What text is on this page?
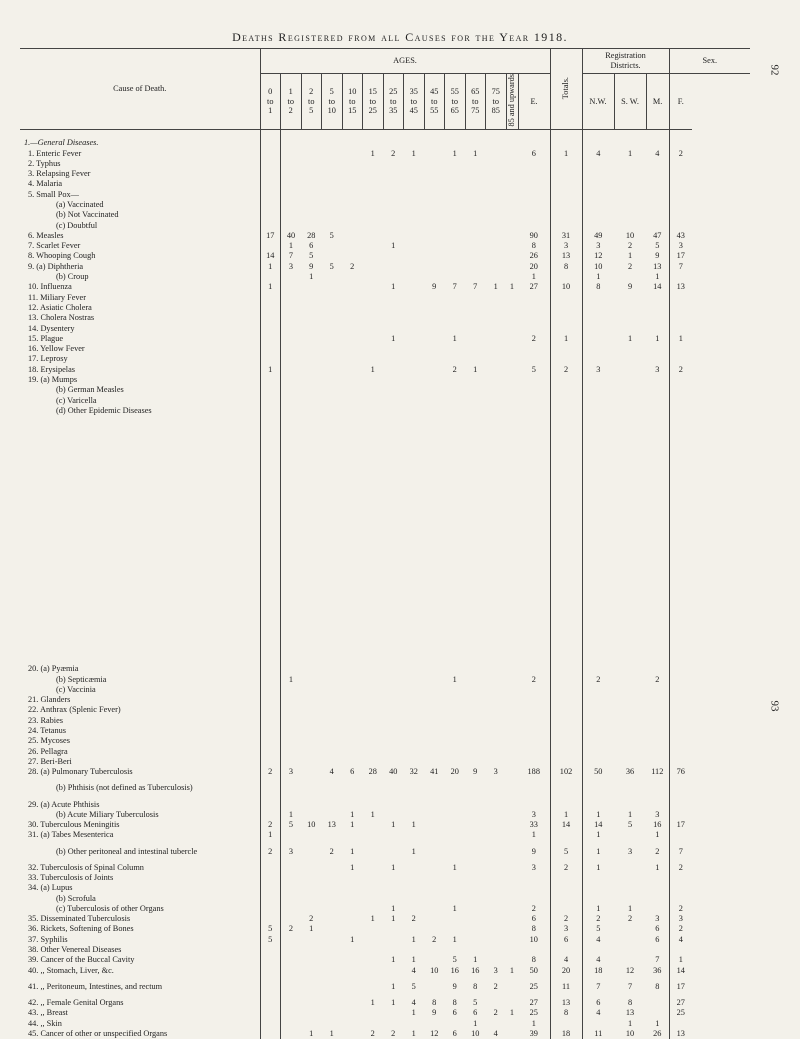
Deaths Registered from all Causes for the Year 1918.
92
93
Cause of Death.	AGES.														Totals.	Registration
Districts.			Sex.
	0
to
1	1
to
2	2
to
5	5
to
10	10
to
15	15
to
25	25
to
35	35
to
45	45
to
55	55
to
65	65
to
75	75
to
85	85 and upwards	E.		N.W.	S. W.	M.	F.

1.—General Diseases.																			
1. Enteric Fever						1	2	1		1	1			6	1	4	1	4	2
2. Typhus																			
3. Relapsing Fever																			
4. Malaria																			
5. Small Pox—																			
(a) Vaccinated																			
(b) Not Vaccinated																			
(c) Doubtful																			
6. Measles	17	40	28	5										90	31	49	10	47	43
7. Scarlet Fever		1	6				1							8	3	3	2	5	3
8. Whooping Cough	14	7	5											26	13	12	1	9	17
9. (a) Diphtheria	1	3	9	5	2									20	8	10	2	13	7
(b) Croup			1											1		1		1	
10. Influenza	1						1		9	7	7	1	1	27	10	8	9	14	13
11. Miliary Fever																			
12. Asiatic Cholera																			
13. Cholera Nostras																			
14. Dysentery																			
15. Plague							1			1				2	1		1	1	1
16. Yellow Fever																			
17. Leprosy																			
18. Erysipelas	1					1				2	1			5	2	3		3	2
19. (a) Mumps																			
(b) German Measles																			
(c) Varicella																			
(d) Other Epidemic Diseases																			

20. (a) Pyæmia																			
(b) Septicæmia		1								1				2		2		2	
(c) Vaccinia																			
21. Glanders																			
22. Anthrax (Splenic Fever)																			
23. Rabies																			
24. Tetanus																			
25. Mycoses																			
26. Pellagra																			
27. Beri-Beri																			
28. (a) Pulmonary Tuberculosis	2	3		4	6	28	40	32	41	20	9	3		188	102	50	36	112	76
(b) Phthisis (not defined as Tuberculosis)																			
29. (a) Acute Phthisis																			
(b) Acute Miliary Tuberculosis		1			1	1								3	1	1	1	3	
30. Tuberculous Meningitis	2	5	10	13	1		1	1						33	14	14	5	16	17
31. (a) Tabes Mesenterica	1													1		1		1	
(b) Other peritoneal and intestinal tubercle	2	3		2	1			1						9	5	1	3	2	7
32. Tuberculosis of Spinal Column					1		1			1				3	2	1		1	2
33. Tuberculosis of Joints																			
34. (a) Lupus																			
(b) Scrofula																			
(c) Tuberculosis of other Organs							1			1				2		1	1		2
35. Disseminated Tuberculosis			2			1	1	2						6	2	2	2	3	3
36. Rickets, Softening of Bones	5	2	1											8	3	5		6	2
37. Syphilis	5				1			1	2	1				10	6	4		6	4
38. Other Venereal Diseases																			
39. Cancer of the Buccal Cavity							1	1		5	1			8	4	4		7	1
40. ,, Stomach, Liver, &c.								4	10	16	16	3	1	50	20	18	12	36	14
41. ,, Peritoneum, Intestines, and rectum							1	5		9	8	2		25	11	7	7	8	17
42. ,, Female Genital Organs						1	1	4	8	8	5			27	13	6	8		27
43. ,, Breast								1	9	6	6	2	1	25	8	4	13		25
44. ,, Skin											1			1			1	1	
45. Cancer of other or unspecified Organs			1	1		2	2	1	12	6	10	4		39	18	11	10	26	13
